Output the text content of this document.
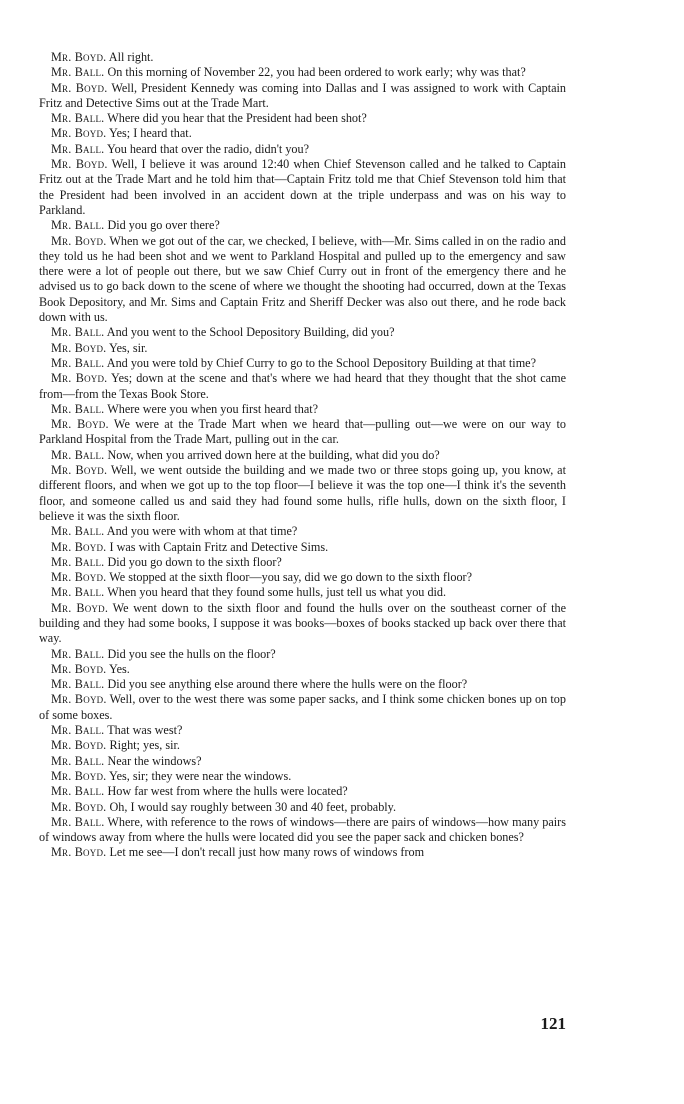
Mr. Boyd. All right.

Mr. Ball. On this morning of November 22, you had been ordered to work early; why was that?

Mr. Boyd. Well, President Kennedy was coming into Dallas and I was assigned to work with Captain Fritz and Detective Sims out at the Trade Mart.

Mr. Ball. Where did you hear that the President had been shot?

Mr. Boyd. Yes; I heard that.

Mr. Ball. You heard that over the radio, didn't you?

Mr. Boyd. Well, I believe it was around 12:40 when Chief Stevenson called and he talked to Captain Fritz out at the Trade Mart and he told him that—Captain Fritz told me that Chief Stevenson told him that the President had been involved in an accident down at the triple underpass and was on his way to Parkland.

Mr. Ball. Did you go over there?

Mr. Boyd. When we got out of the car, we checked, I believe, with—Mr. Sims called in on the radio and they told us he had been shot and we went to Parkland Hospital and pulled up to the emergency and saw there were a lot of people out there, but we saw Chief Curry out in front of the emergency there and he advised us to go back down to the scene of where we thought the shooting had occurred, down at the Texas Book Depository, and Mr. Sims and Captain Fritz and Sheriff Decker was also out there, and he rode back down with us.

Mr. Ball. And you went to the School Depository Building, did you?

Mr. Boyd. Yes, sir.

Mr. Ball. And you were told by Chief Curry to go to the School Depository Building at that time?

Mr. Boyd. Yes; down at the scene and that's where we had heard that they thought that the shot came from—from the Texas Book Store.

Mr. Ball. Where were you when you first heard that?

Mr. Boyd. We were at the Trade Mart when we heard that—pulling out—we were on our way to Parkland Hospital from the Trade Mart, pulling out in the car.

Mr. Ball. Now, when you arrived down here at the building, what did you do?

Mr. Boyd. Well, we went outside the building and we made two or three stops going up, you know, at different floors, and when we got up to the top floor—I believe it was the top one—I think it's the seventh floor, and someone called us and said they had found some hulls, rifle hulls, down on the sixth floor, I believe it was the sixth floor.

Mr. Ball. And you were with whom at that time?

Mr. Boyd. I was with Captain Fritz and Detective Sims.

Mr. Ball. Did you go down to the sixth floor?

Mr. Boyd. We stopped at the sixth floor—you say, did we go down to the sixth floor?

Mr. Ball. When you heard that they found some hulls, just tell us what you did.

Mr. Boyd. We went down to the sixth floor and found the hulls over on the southeast corner of the building and they had some books, I suppose it was books—boxes of books stacked up back over there that way.

Mr. Ball. Did you see the hulls on the floor?

Mr. Boyd. Yes.

Mr. Ball. Did you see anything else around there where the hulls were on the floor?

Mr. Boyd. Well, over to the west there was some paper sacks, and I think some chicken bones up on top of some boxes.

Mr. Ball. That was west?

Mr. Boyd. Right; yes, sir.

Mr. Ball. Near the windows?

Mr. Boyd. Yes, sir; they were near the windows.

Mr. Ball. How far west from where the hulls were located?

Mr. Boyd. Oh, I would say roughly between 30 and 40 feet, probably.

Mr. Ball. Where, with reference to the rows of windows—there are pairs of windows—how many pairs of windows away from where the hulls were located did you see the paper sack and chicken bones?

Mr. Boyd. Let me see—I don't recall just how many rows of windows from

121
